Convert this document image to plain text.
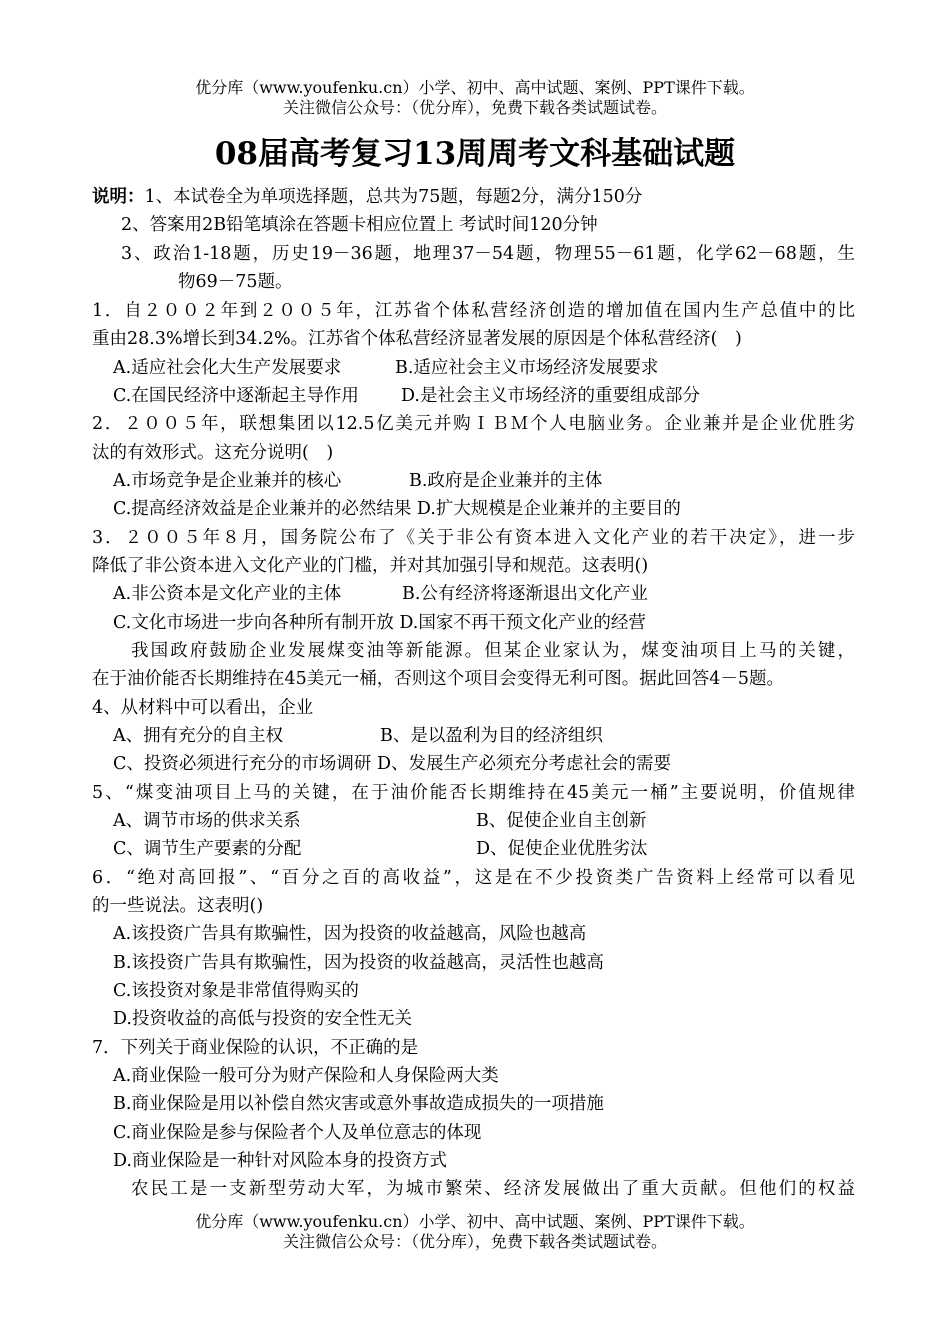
优分库（www.youfenku.cn）小学、初中、高中试题、案例、PPT课件下载。
关注微信公众号：（优分库），免费下载各类试题试卷。
08届高考复习13周周考文科基础试题
说明：1、本试卷全为单项选择题，总共为75题，每题2分，满分150分
2、答案用2B铅笔填涂在答题卡相应位置上 考试时间120分钟
3、政治1-18题，历史19－36题，地理37－54题，物理55－61题，化学62－68题，生
物69－75题。
1．自２００２年到２００５年，江苏省个体私营经济创造的增加值在国内生产总值中的比
重由28.3%增长到34.2%。江苏省个体私营经济显著发展的原因是个体私营经济(　)
A.适应社会化大生产发展要求	B.适应社会主义市场经济发展要求
C.在国民经济中逐渐起主导作用 D.是社会主义市场经济的重要组成部分
2．２００５年，联想集团以12.5亿美元并购ＩＢＭ个人电脑业务。企业兼并是企业优胜劣
汰的有效形式。这充分说明(　)
A.市场竞争是企业兼并的核心	B.政府是企业兼并的主体
C.提高经济效益是企业兼并的必然结果 D.扩大规模是企业兼并的主要目的
3．２００５年８月，国务院公布了《关于非公有资本进入文化产业的若干决定》，进一步
降低了非公资本进入文化产业的门槛，并对其加强引导和规范。这表明()
A.非公资本是文化产业的主体	B.公有经济将逐渐退出文化产业
C.文化市场进一步向各种所有制开放 D.国家不再干预文化产业的经营
我国政府鼓励企业发展煤变油等新能源。但某企业家认为，煤变油项目上马的关键，
在于油价能否长期维持在45美元一桶，否则这个项目会变得无利可图。据此回答4－5题。
4、从材料中可以看出，企业
A、拥有充分的自主权	B、是以盈利为目的经济组织
C、投资必须进行充分的市场调研 D、发展生产必须充分考虑社会的需要
5、“煤变油项目上马的关键，在于油价能否长期维持在45美元一桶”主要说明，价值规律
A、调节市场的供求关系	B、促使企业自主创新
C、调节生产要素的分配	D、促使企业优胜劣汰
6．“绝对高回报”、“百分之百的高收益”，这是在不少投资类广告资料上经常可以看见
的一些说法。这表明()
A.该投资广告具有欺骗性，因为投资的收益越高，风险也越高
B.该投资广告具有欺骗性，因为投资的收益越高，灵活性也越高
C.该投资对象是非常值得购买的
D.投资收益的高低与投资的安全性无关
7．下列关于商业保险的认识，不正确的是
A.商业保险一般可分为财产保险和人身保险两大类
B.商业保险是用以补偿自然灾害或意外事故造成损失的一项措施
C.商业保险是参与保险者个人及单位意志的体现
D.商业保险是一种针对风险本身的投资方式
农民工是一支新型劳动大军，为城市繁荣、经济发展做出了重大贡献。但他们的权益
优分库（www.youfenku.cn）小学、初中、高中试题、案例、PPT课件下载。
关注微信公众号：（优分库），免费下载各类试题试卷。
